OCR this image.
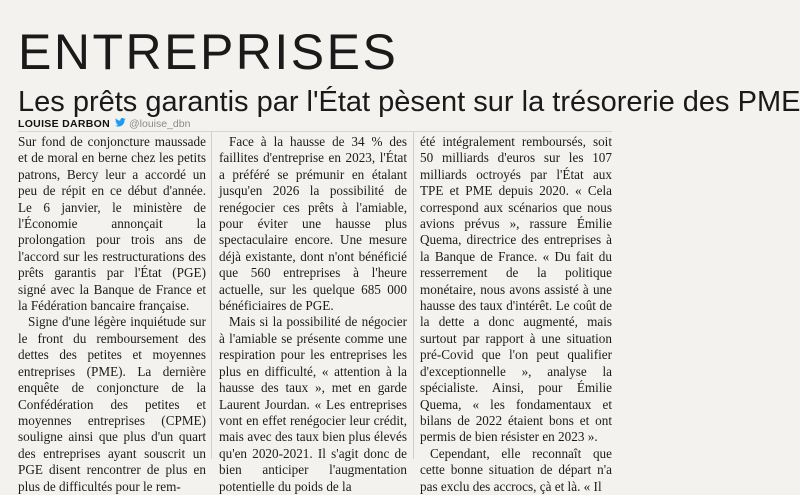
ENTREPRISES
Les prêts garantis par l'État pèsent sur la trésorerie des PME
LOUISE DARBON @louise_dbn

Sur fond de conjoncture maussade et de moral en berne chez les petits patrons, Bercy leur a accordé un peu de répit en ce début d'année. Le 6 janvier, le ministère de l'Économie annonçait la prolongation pour trois ans de l'accord sur les restructurations des prêts garantis par l'État (PGE) signé avec la Banque de France et la Fédération bancaire française.

Signe d'une légère inquiétude sur le front du remboursement des dettes des petites et moyennes entreprises (PME). La dernière enquête de conjoncture de la Confédération des petites et moyennes entreprises (CPME) souligne ainsi que plus d'un quart des entreprises ayant souscrit un PGE disent rencontrer de plus en plus de difficultés pour le rem-

Face à la hausse de 34 % des faillites d'entreprise en 2023, l'État a préféré se prémunir en étalant jusqu'en 2026 la possibilité de renégocier ces prêts à l'amiable, pour éviter une hausse plus spectaculaire encore. Une mesure déjà existante, dont n'ont bénéficié que 560 entreprises à l'heure actuelle, sur les quelque 685 000 bénéficiaires de PGE.

Mais si la possibilité de négocier à l'amiable se présente comme une respiration pour les entreprises les plus en difficulté, « attention à la hausse des taux », met en garde Laurent Jourdan. « Les entreprises vont en effet renégocier leur crédit, mais avec des taux bien plus élevés qu'en 2020-2021. Il s'agit donc de bien anticiper l'augmentation potentielle du poids de la

été intégralement remboursés, soit 50 milliards d'euros sur les 107 milliards octroyés par l'État aux TPE et PME depuis 2020. « Cela correspond aux scénarios que nous avions prévus », rassure Émilie Quema, directrice des entreprises à la Banque de France. « Du fait du resserrement de la politique monétaire, nous avons assisté à une hausse des taux d'intérêt. Le coût de la dette a donc augmenté, mais surtout par rapport à une situation pré-Covid que l'on peut qualifier d'exceptionnelle », analyse la spécialiste. Ainsi, pour Émilie Quema, « les fondamentaux et bilans de 2022 étaient bons et ont permis de bien résister en 2023 ».

Cependant, elle reconnaît que cette bonne situation de départ n'a pas exclu des accrocs, çà et là. « Il
